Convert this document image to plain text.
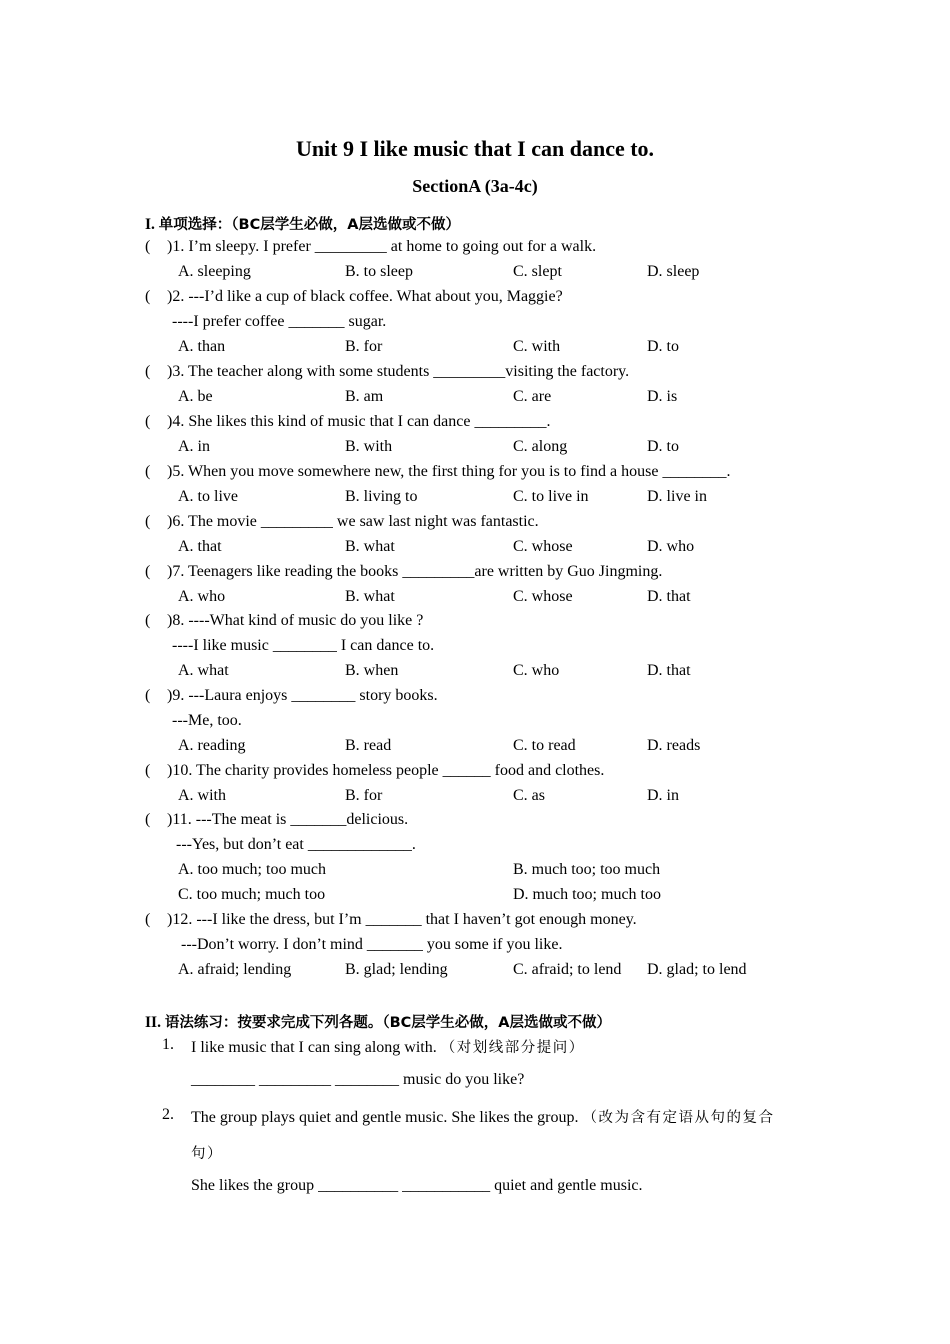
Unit 9 I like music that I can dance to.
SectionA (3a-4c)
I. 单项选择：（BC层学生必做，A层选做或不做）
( )1. I’m sleepy. I prefer _________ at home to going out for a walk.
A. sleeping	B. to sleep	C. slept	D. sleep
( )2. ---I’d like a cup of black coffee. What about you, Maggie?
----I prefer coffee _______ sugar.
A. than	B. for	C. with	D. to
( )3. The teacher along with some students _________visiting the factory.
A. be	B. am	C. are	D. is
( )4. She likes this kind of music that I can dance _________.
A. in	B. with	C. along	D. to
( )5. When you move somewhere new, the first thing for you is to find a house ________.
A. to live	B. living to	C. to live in	D. live in
( )6. The movie _________ we saw last night was fantastic.
A. that	B. what	C. whose	D. who
( )7. Teenagers like reading the books _________are written by Guo Jingming.
A. who	B. what	C. whose	D. that
( )8. ----What kind of music do you like ?
----I like music ________ I can dance to.
A. what	B. when	C. who	D. that
( )9. ---Laura enjoys ________ story books.
---Me, too.
A. reading	B. read	C. to read	D. reads
( )10. The charity provides homeless people ______ food and clothes.
A. with	B. for	C. as	D. in
( )11. ---The meat is _______delicious.
---Yes, but don’t eat _____________.
A. too much; too much	B. much too; too much
C. too much; much too	D. much too; much too
( )12. ---I like the dress, but I’m _______ that I haven’t got enough money.
---Don’t worry. I don’t mind _______ you some if you like.
A. afraid; lending	B. glad; lending	C. afraid; to lend D. glad; to lend
II. 语法练习：按要求完成下列各题。（BC层学生必做，A层选做或不做）
1. I like music that I can sing along with. （对划线部分提问）
________ _________ ________ music do you like?
2. The group plays quiet and gentle music. She likes the group. （改为含有定语从句的复合
句）
She likes the group __________ ___________ quiet and gentle music.
